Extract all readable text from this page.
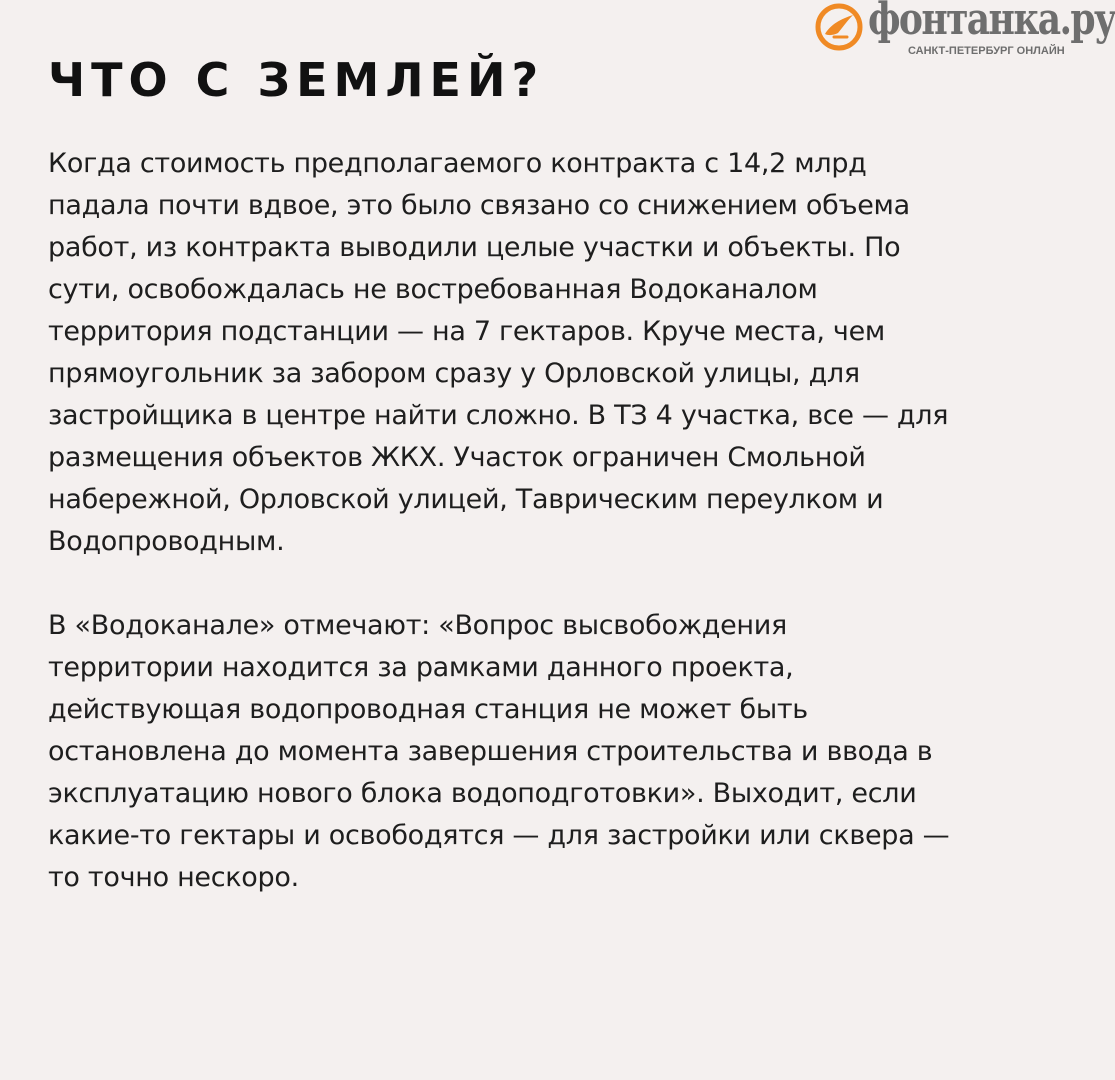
фонтанка.ру
САНКТ-ПЕТЕРБУРГ ОНЛАЙН
ЧТО С ЗЕМЛЕЙ?

Когда стоимость предполагаемого контракта с 14,2 млрд
падала почти вдвое, это было связано со снижением объема
работ, из контракта выводили целые участки и объекты. По
сути, освобождалась не востребованная Водоканалом
территория подстанции — на 7 гектаров. Круче места, чем
прямоугольник за забором сразу у Орловской улицы, для
застройщика в центре найти сложно. В ТЗ 4 участка, все — для
размещения объектов ЖКХ. Участок ограничен Смольной
набережной, Орловской улицей, Таврическим переулком и
Водопроводным.

В «Водоканале» отмечают: «Вопрос высвобождения
территории находится за рамками данного проекта,
действующая водопроводная станция не может быть
остановлена до момента завершения строительства и ввода в
эксплуатацию нового блока водоподготовки». Выходит, если
какие-то гектары и освободятся — для застройки или сквера —
то точно нескоро.
